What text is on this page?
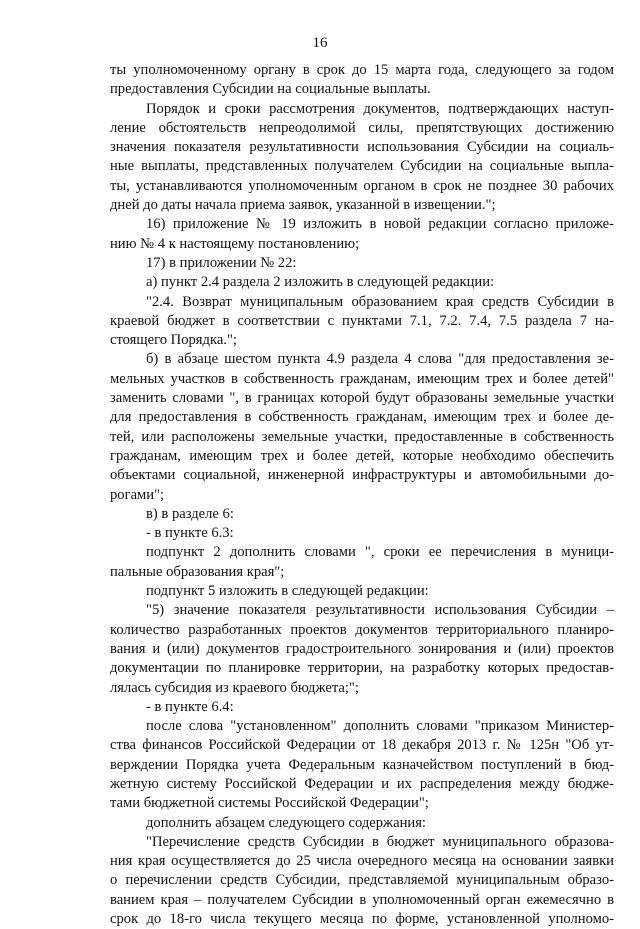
16
ты уполномоченному органу в срок до 15 марта года, следующего за годом
предоставления Субсидии на социальные выплаты.
Порядок и сроки рассмотрения документов, подтверждающих наступ-
ление обстоятельств непреодолимой силы, препятствующих достижению
значения показателя результативности использования Субсидии на социаль-
ные выплаты, представленных получателем Субсидии на социальные выпла-
ты, устанавливаются уполномоченным органом в срок не позднее 30 рабочих
дней до даты начала приема заявок, указанной в извещении.";
16) приложение № 19 изложить в новой редакции согласно приложе-
нию № 4 к настоящему постановлению;
17) в приложении № 22:
а) пункт 2.4 раздела 2 изложить в следующей редакции:
"2.4. Возврат муниципальным образованием края средств Субсидии в
краевой бюджет в соответствии с пунктами 7.1, 7.2. 7.4, 7.5 раздела 7 на-
стоящего Порядка.";
б) в абзаце шестом пункта 4.9 раздела 4 слова "для предоставления зе-
мельных участков в собственность гражданам, имеющим трех и более детей"
заменить словами ", в границах которой будут образованы земельные участки
для предоставления в собственность гражданам, имеющим трех и более де-
тей, или расположены земельные участки, предоставленные в собственность
гражданам, имеющим трех и более детей, которые необходимо обеспечить
объектами социальной, инженерной инфраструктуры и автомобильными до-
рогами";
в) в разделе 6:
- в пункте 6.3:
подпункт 2 дополнить словами ", сроки ее перечисления в муници-
пальные образования края";
подпункт 5 изложить в следующей редакции:
"5) значение показателя результативности использования Субсидии –
количество разработанных проектов документов территориального планиро-
вания и (или) документов градостроительного зонирования и (или) проектов
документации по планировке территории, на разработку которых предостав-
лялась субсидия из краевого бюджета;";
- в пункте 6.4:
после слова "установленном" дополнить словами "приказом Министер-
ства финансов Российской Федерации от 18 декабря 2013 г. № 125н "Об ут-
верждении Порядка учета Федеральным казначейством поступлений в бюд-
жетную систему Российской Федерации и их распределения между бюдже-
тами бюджетной системы Российской Федерации";
дополнить абзацем следующего содержания:
"Перечисление средств Субсидии в бюджет муниципального образова-
ния края осуществляется до 25 числа очередного месяца на основании заявки
о перечислении средств Субсидии, представляемой муниципальным образо-
ванием края – получателем Субсидии в уполномоченный орган ежемесячно в
срок до 18-го числа текущего месяца по форме, установленной уполномо-
